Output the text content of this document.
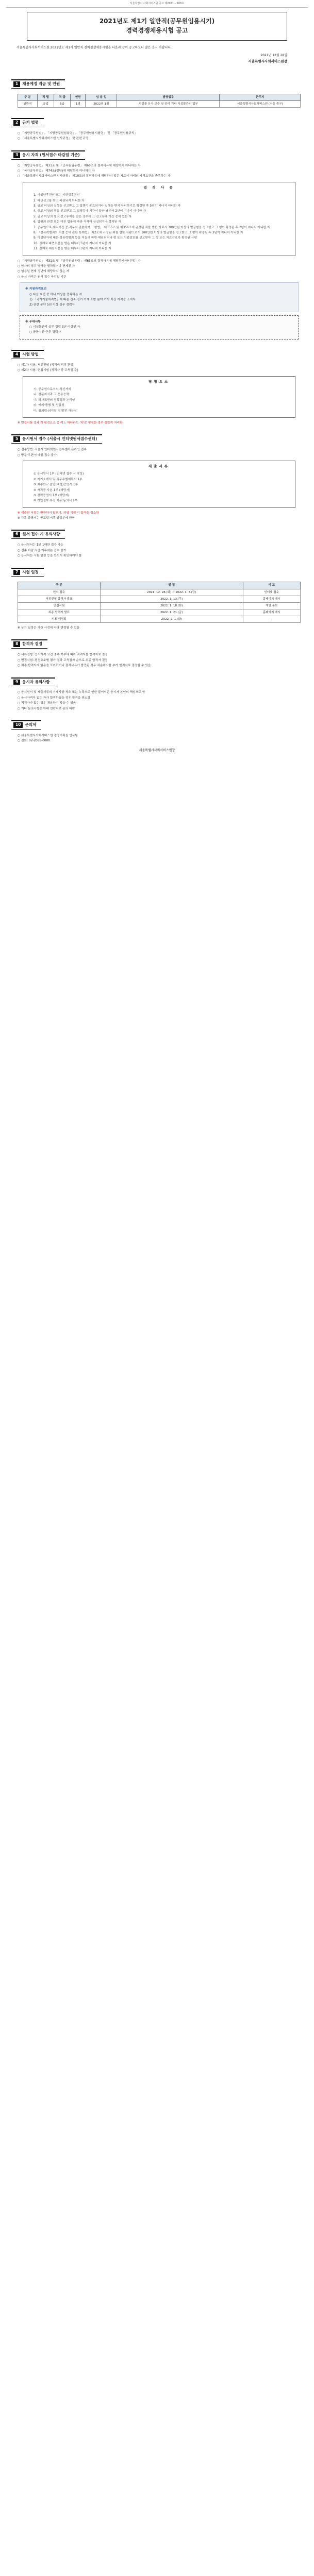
서울특별시 사회서비스원 공고 제2021 – 168호
2021년도 제1기 일반직(공무원임용시기)
경력경쟁채용시험 공고
서울특별시사회서비스원 2021년도 제1기 일반직 경력경쟁채용시험을 다음과 같이 공고하오니 많은 응시 바랍니다.
2021년 12월 28일
서울특별시사회서비스원장
1 채용예정 직급 및 인원
구 분	직 렬	직 급	인원	임 용 일	담당업무	근무지
일반직	공업	5급	1명	2022년 1월	시설물 유지·보수 및 관리 기타 시설물관리 업무	서울특별시사회서비스원 (서울 중구)
2 근거 법령
○ 「지방공무원법」, 「지방공무원임용령」, 「공무원임용시험령」 및 「공무원임용규칙」
○ 「서울특별시사회서비스원 인사규정」 및 관련 규정
3 응시 자격 (원서접수 마감일 기준)
○ 「지방공무원법」 제31조 및 「공무원임용령」 제65조의 결격사유에 해당하지 아니하는 자
○ 「국가공무원법」 제74조(정년)에 해당하지 아니하는 자
○ 「서울특별시사회서비스원 인사규정」 제10조의 결격사유에 해당하지 않은 자로서 아래의 자격요건을 충족하는 자
결 격 사 유
1. 피성년후견인 또는 피한정후견인
2. 파산선고를 받고 복권되지 아니한 자
3. 금고 이상의 실형을 선고받고 그 집행이 종료되거나 집행을 받지 아니하기로 확정된 후 5년이 지나지 아니한 자
4. 금고 이상의 형을 선고받고 그 집행유예 기간이 끝난 날부터 2년이 지나지 아니한 자
5. 금고 이상의 형의 선고유예를 받은 경우에 그 선고유예 기간 중에 있는 자
6. 법원의 판결 또는 다른 법률에 따라 자격이 상실되거나 정지된 자
7. 공무원으로 재직기간 중 직무와 관련하여 「형법」 제355조 및 제356조에 규정된 죄를 범한 자로서 300만원 이상의 벌금형을 선고받고 그 형이 확정된 후 2년이 지나지 아니한 자
8. 「성폭력범죄의 처벌 등에 관한 특례법」 제2조에 규정된 죄를 범한 사람으로서 100만원 이상의 벌금형을 선고받고 그 형이 확정된 후 3년이 지나지 아니한 자
9. 미성년자에 대한 성폭력범죄 등을 저질러 파면·해임되거나 형 또는 치료감호를 선고받아 그 형 또는 치료감호가 확정된 사람
10. 징계로 파면처분을 받은 때부터 5년이 지나지 아니한 자
11. 징계로 해임처분을 받은 때부터 3년이 지나지 아니한 자
○ 「지방공무원법」 제31조 및 「공무원임용령」 제65조의 결격사유에 해당하지 아니하는 자
○ 남자의 경우 병역을 필하였거나 면제된 자
○ 임용일 현재 정년에 해당하지 않는 자
○ 응시 자격은 원서 접수 마감일 기준
※ 지원자격요건
○ 다음 요건 중 하나 이상을 충족하는 자
1) 「국가기술자격법」에 따른 건축·전기·기계·소방 분야 기사 이상 자격증 소지자
2) 관련 분야 5년 이상 실무 경력자
※ 우대사항
○ 시설물관리 실무 경력 3년 이상인 자
○ 공공기관 근무 경력자
4 시험 방법
○ 제1차 시험: 서류전형 (적격·부적격 판정)
○ 제2차 시험: 면접시험 (적격자 중 고득점 순)
평정요소
가. 공무원으로서의 정신자세
나. 전문지식과 그 응용능력
다. 의사표현의 정확성과 논리성
라. 예의·품행 및 성실성
마. 창의력·의지력 및 발전 가능성
※ 면접시험 결과 각 평정요소 중 어느 하나라도 '하'로 평정한 경우 불합격 처리함
5 응시원서 접수 (서울시 인터넷원서접수센터)
○ 접수방법: 서울시 인터넷원서접수센터 온라인 접수
○ 방문·우편·이메일 접수 불가
제출서류
① 응시원서 1부 (인터넷 접수 시 작성)
② 자기소개서 및 직무수행계획서 1부
③ 최종학교 졸업(예정)증명서 1부
④ 자격증 사본 1부 (해당자)
⑤ 경력증명서 1부 (해당자)
⑥ 개인정보 수집·이용 동의서 1부
※ 제출된 서류는 반환하지 않으며, 허위 기재 시 합격을 취소함
※ 각종 증명서는 공고일 이후 발급분에 한함
6 원서 접수 시 유의사항
○ 응시원서는 1인 1매만 접수 가능
○ 접수 마감 시간 이후에는 접수 불가
○ 응시자는 시험 일정 등을 반드시 확인하여야 함
7 시험 일정
구 분	일 정	비 고
원서 접수	2021. 12. 28.(화) ~ 2022. 1. 7.(금)	인터넷 접수
서류전형 합격자 발표	2022. 1. 13.(목)	홈페이지 게시
면접시험	2022. 1. 18.(화)	개별 통보
최종 합격자 발표	2022. 1. 21.(금)	홈페이지 게시
임용 예정일	2022. 2. 1.(화)	-
※ 상기 일정은 기관 사정에 따라 변경될 수 있음
8 합격자 결정
○ 서류전형: 응시자격 요건 충족 여부에 따라 적격자를 합격자로 결정
○ 면접시험: 평정요소별 평가 결과 고득점자 순으로 최종 합격자 결정
○ 최종 합격자가 임용을 포기하거나 결격사유가 발견된 경우 차순위자를 추가 합격자로 결정할 수 있음
9 응시자 유의사항
○ 응시원서 및 제출서류의 기재사항 착오 또는 누락으로 인한 불이익은 응시자 본인의 책임으로 함
○ 응시자격이 없는 자가 합격하였을 경우 합격을 취소함
○ 적격자가 없는 경우 채용하지 않을 수 있음
○ 기타 문의사항은 아래 연락처로 문의 바람
10 문의처
○ 서울특별시사회서비스원 경영기획실 인사팀
○ 전화: 02-2088-0000
서울특별시사회서비스원장
